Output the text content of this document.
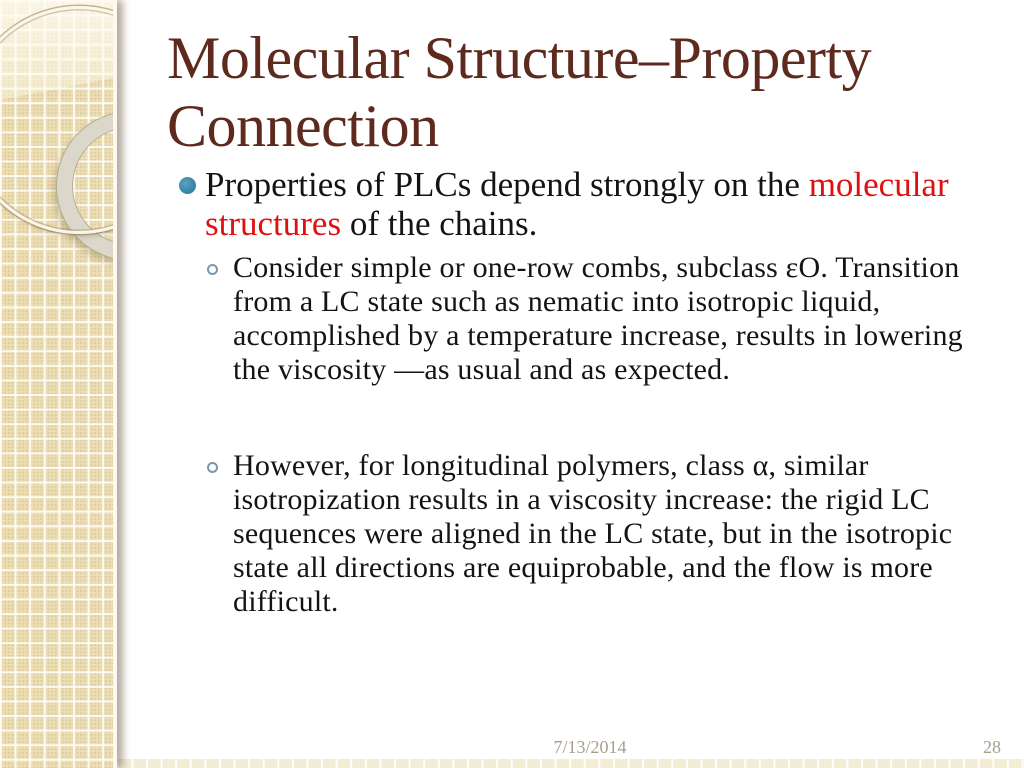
Molecular Structure–Property Connection
Properties of PLCs depend strongly on the molecular structures of the chains.
Consider simple or one-row combs, subclass εO. Transition from a LC state such as nematic into isotropic liquid, accomplished by a temperature increase, results in lowering the viscosity —as usual and as expected.
However, for longitudinal polymers, class α, similar isotropization results in a viscosity increase: the rigid LC sequences were aligned in the LC state, but in the isotropic state all directions are equiprobable, and the flow is more difficult.
7/13/2014	28
